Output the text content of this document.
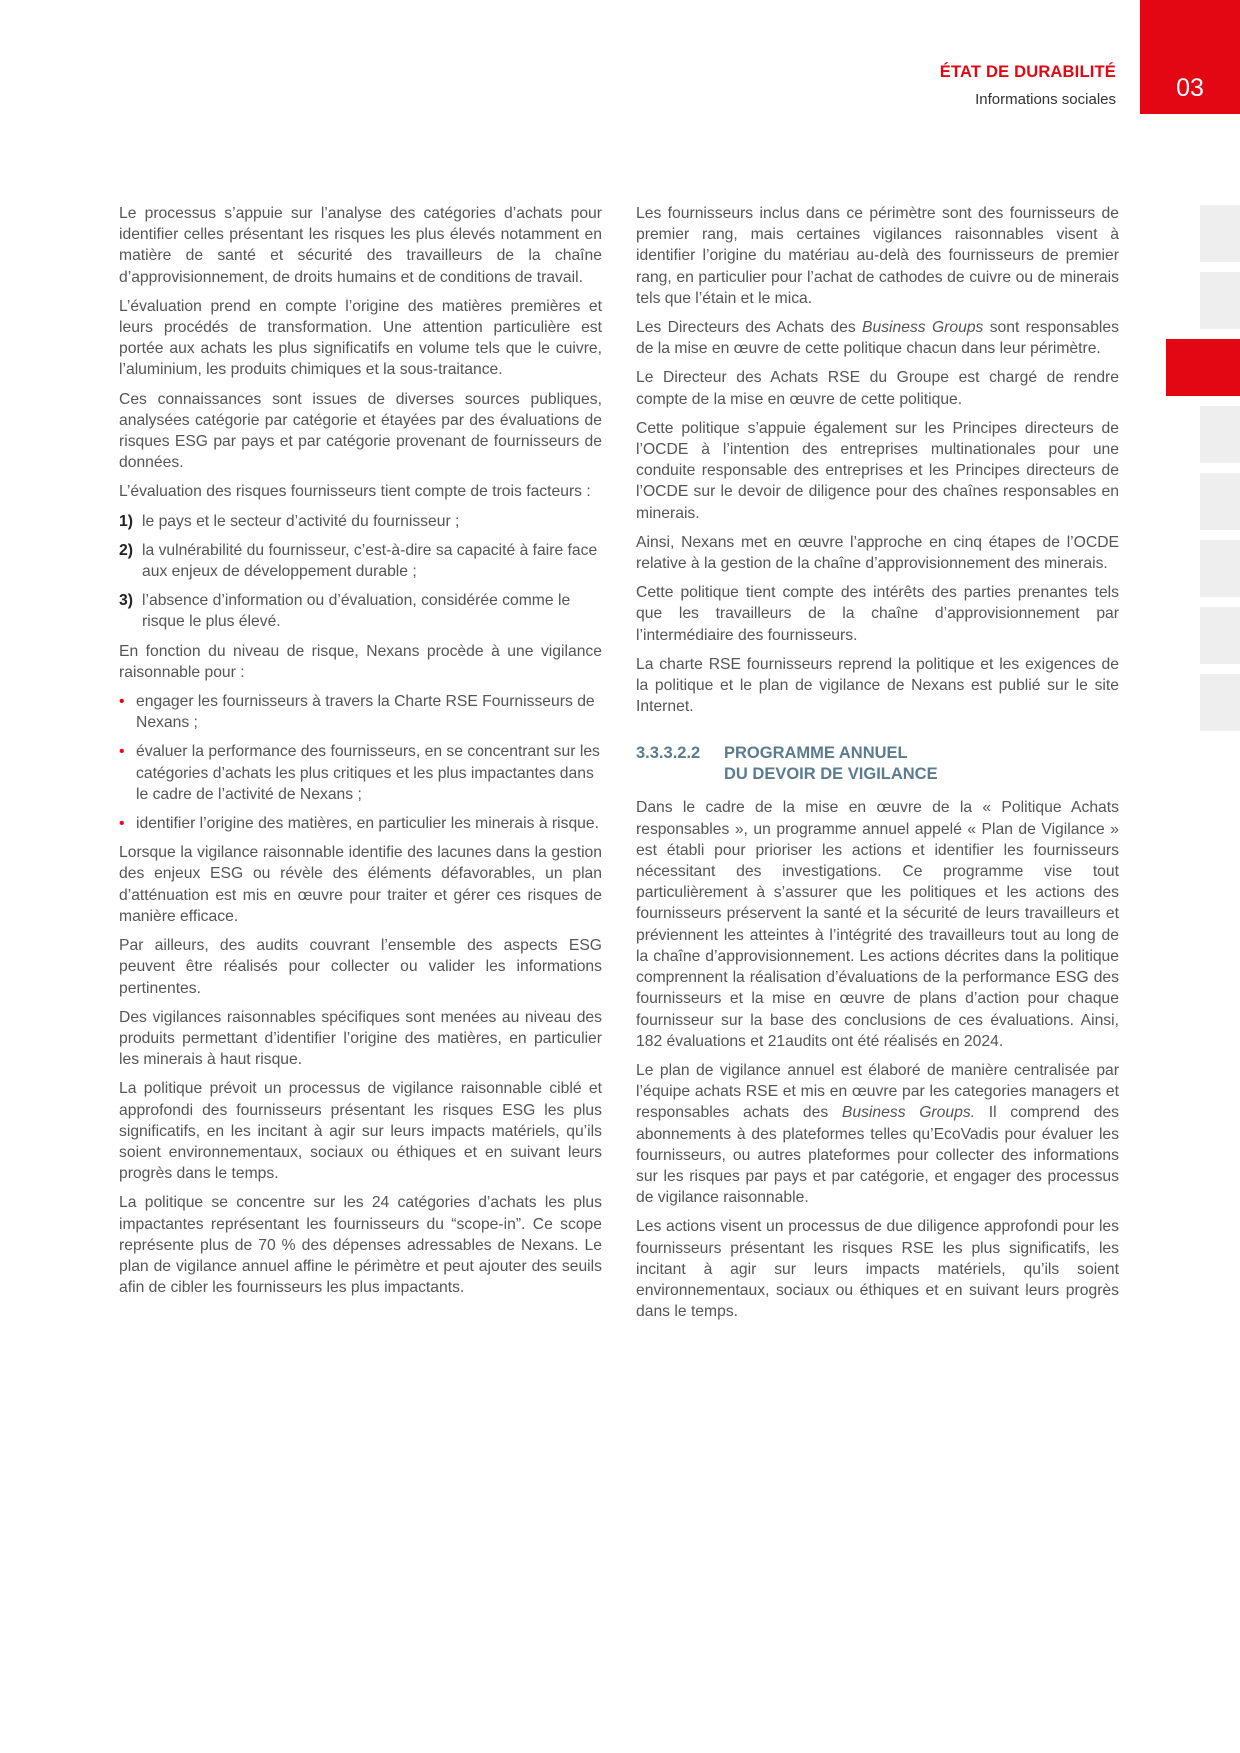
ÉTAT DE DURABILITÉ
Informations sociales	03

Le processus s’appuie sur l’analyse des catégories d’achats pour identifier celles présentant les risques les plus élevés notamment en matière de santé et sécurité des travailleurs de la chaîne d’approvisionnement, de droits humains et de conditions de travail.

L’évaluation prend en compte l’origine des matières premières et leurs procédés de transformation. Une attention particulière est portée aux achats les plus significatifs en volume tels que le cuivre, l’aluminium, les produits chimiques et la sous-traitance.

Ces connaissances sont issues de diverses sources publiques, analysées catégorie par catégorie et étayées par des évaluations de risques ESG par pays et par catégorie provenant de fournisseurs de données.

L’évaluation des risques fournisseurs tient compte de trois facteurs :

1) le pays et le secteur d’activité du fournisseur ;
2) la vulnérabilité du fournisseur, c’est-à-dire sa capacité à faire face aux enjeux de développement durable ;
3) l’absence d’information ou d’évaluation, considérée comme le risque le plus élevé.

En fonction du niveau de risque, Nexans procède à une vigilance raisonnable pour :

• engager les fournisseurs à travers la Charte RSE Fournisseurs de Nexans ;
• évaluer la performance des fournisseurs, en se concentrant sur les catégories d’achats les plus critiques et les plus impactantes dans le cadre de l’activité de Nexans ;
• identifier l’origine des matières, en particulier les minerais à risque.

Lorsque la vigilance raisonnable identifie des lacunes dans la gestion des enjeux ESG ou révèle des éléments défavorables, un plan d’atténuation est mis en œuvre pour traiter et gérer ces risques de manière efficace.

Par ailleurs, des audits couvrant l’ensemble des aspects ESG peuvent être réalisés pour collecter ou valider les informations pertinentes.

Des vigilances raisonnables spécifiques sont menées au niveau des produits permettant d’identifier l’origine des matières, en particulier les minerais à haut risque.

La politique prévoit un processus de vigilance raisonnable ciblé et approfondi des fournisseurs présentant les risques ESG les plus significatifs, en les incitant à agir sur leurs impacts matériels, qu’ils soient environnementaux, sociaux ou éthiques et en suivant leurs progrès dans le temps.

La politique se concentre sur les 24 catégories d’achats les plus impactantes représentant les fournisseurs du “scope-in”. Ce scope représente plus de 70 % des dépenses adressables de Nexans. Le plan de vigilance annuel affine le périmètre et peut ajouter des seuils afin de cibler les fournisseurs les plus impactants.

Les fournisseurs inclus dans ce périmètre sont des fournisseurs de premier rang, mais certaines vigilances raisonnables visent à identifier l’origine du matériau au-delà des fournisseurs de premier rang, en particulier pour l’achat de cathodes de cuivre ou de minerais tels que l’étain et le mica.

Les Directeurs des Achats des Business Groups sont responsables de la mise en œuvre de cette politique chacun dans leur périmètre.

Le Directeur des Achats RSE du Groupe est chargé de rendre compte de la mise en œuvre de cette politique.

Cette politique s’appuie également sur les Principes directeurs de l’OCDE à l’intention des entreprises multinationales pour une conduite responsable des entreprises et les Principes directeurs de l’OCDE sur le devoir de diligence pour des chaînes responsables en minerais.

Ainsi, Nexans met en œuvre l’approche en cinq étapes de l’OCDE relative à la gestion de la chaîne d’approvisionnement des minerais.

Cette politique tient compte des intérêts des parties prenantes tels que les travailleurs de la chaîne d’approvisionnement par l’intermédiaire des fournisseurs.

La charte RSE fournisseurs reprend la politique et les exigences de la politique et le plan de vigilance de Nexans est publié sur le site Internet.

3.3.3.2.2	PROGRAMME ANNUEL
DU DEVOIR DE VIGILANCE

Dans le cadre de la mise en œuvre de la « Politique Achats responsables », un programme annuel appelé « Plan de Vigilance » est établi pour prioriser les actions et identifier les fournisseurs nécessitant des investigations. Ce programme vise tout particulièrement à s’assurer que les politiques et les actions des fournisseurs préservent la santé et la sécurité de leurs travailleurs et préviennent les atteintes à l’intégrité des travailleurs tout au long de la chaîne d’approvisionnement. Les actions décrites dans la politique comprennent la réalisation d’évaluations de la performance ESG des fournisseurs et la mise en œuvre de plans d’action pour chaque fournisseur sur la base des conclusions de ces évaluations. Ainsi, 182 évaluations et 21audits ont été réalisés en 2024.

Le plan de vigilance annuel est élaboré de manière centralisée par l’équipe achats RSE et mis en œuvre par les categories managers et responsables achats des Business Groups. Il comprend des abonnements à des plateformes telles qu’EcoVadis pour évaluer les fournisseurs, ou autres plateformes pour collecter des informations sur les risques par pays et par catégorie, et engager des processus de vigilance raisonnable.

Les actions visent un processus de due diligence approfondi pour les fournisseurs présentant les risques RSE les plus significatifs, les incitant à agir sur leurs impacts matériels, qu’ils soient environnementaux, sociaux ou éthiques et en suivant leurs progrès dans le temps.
